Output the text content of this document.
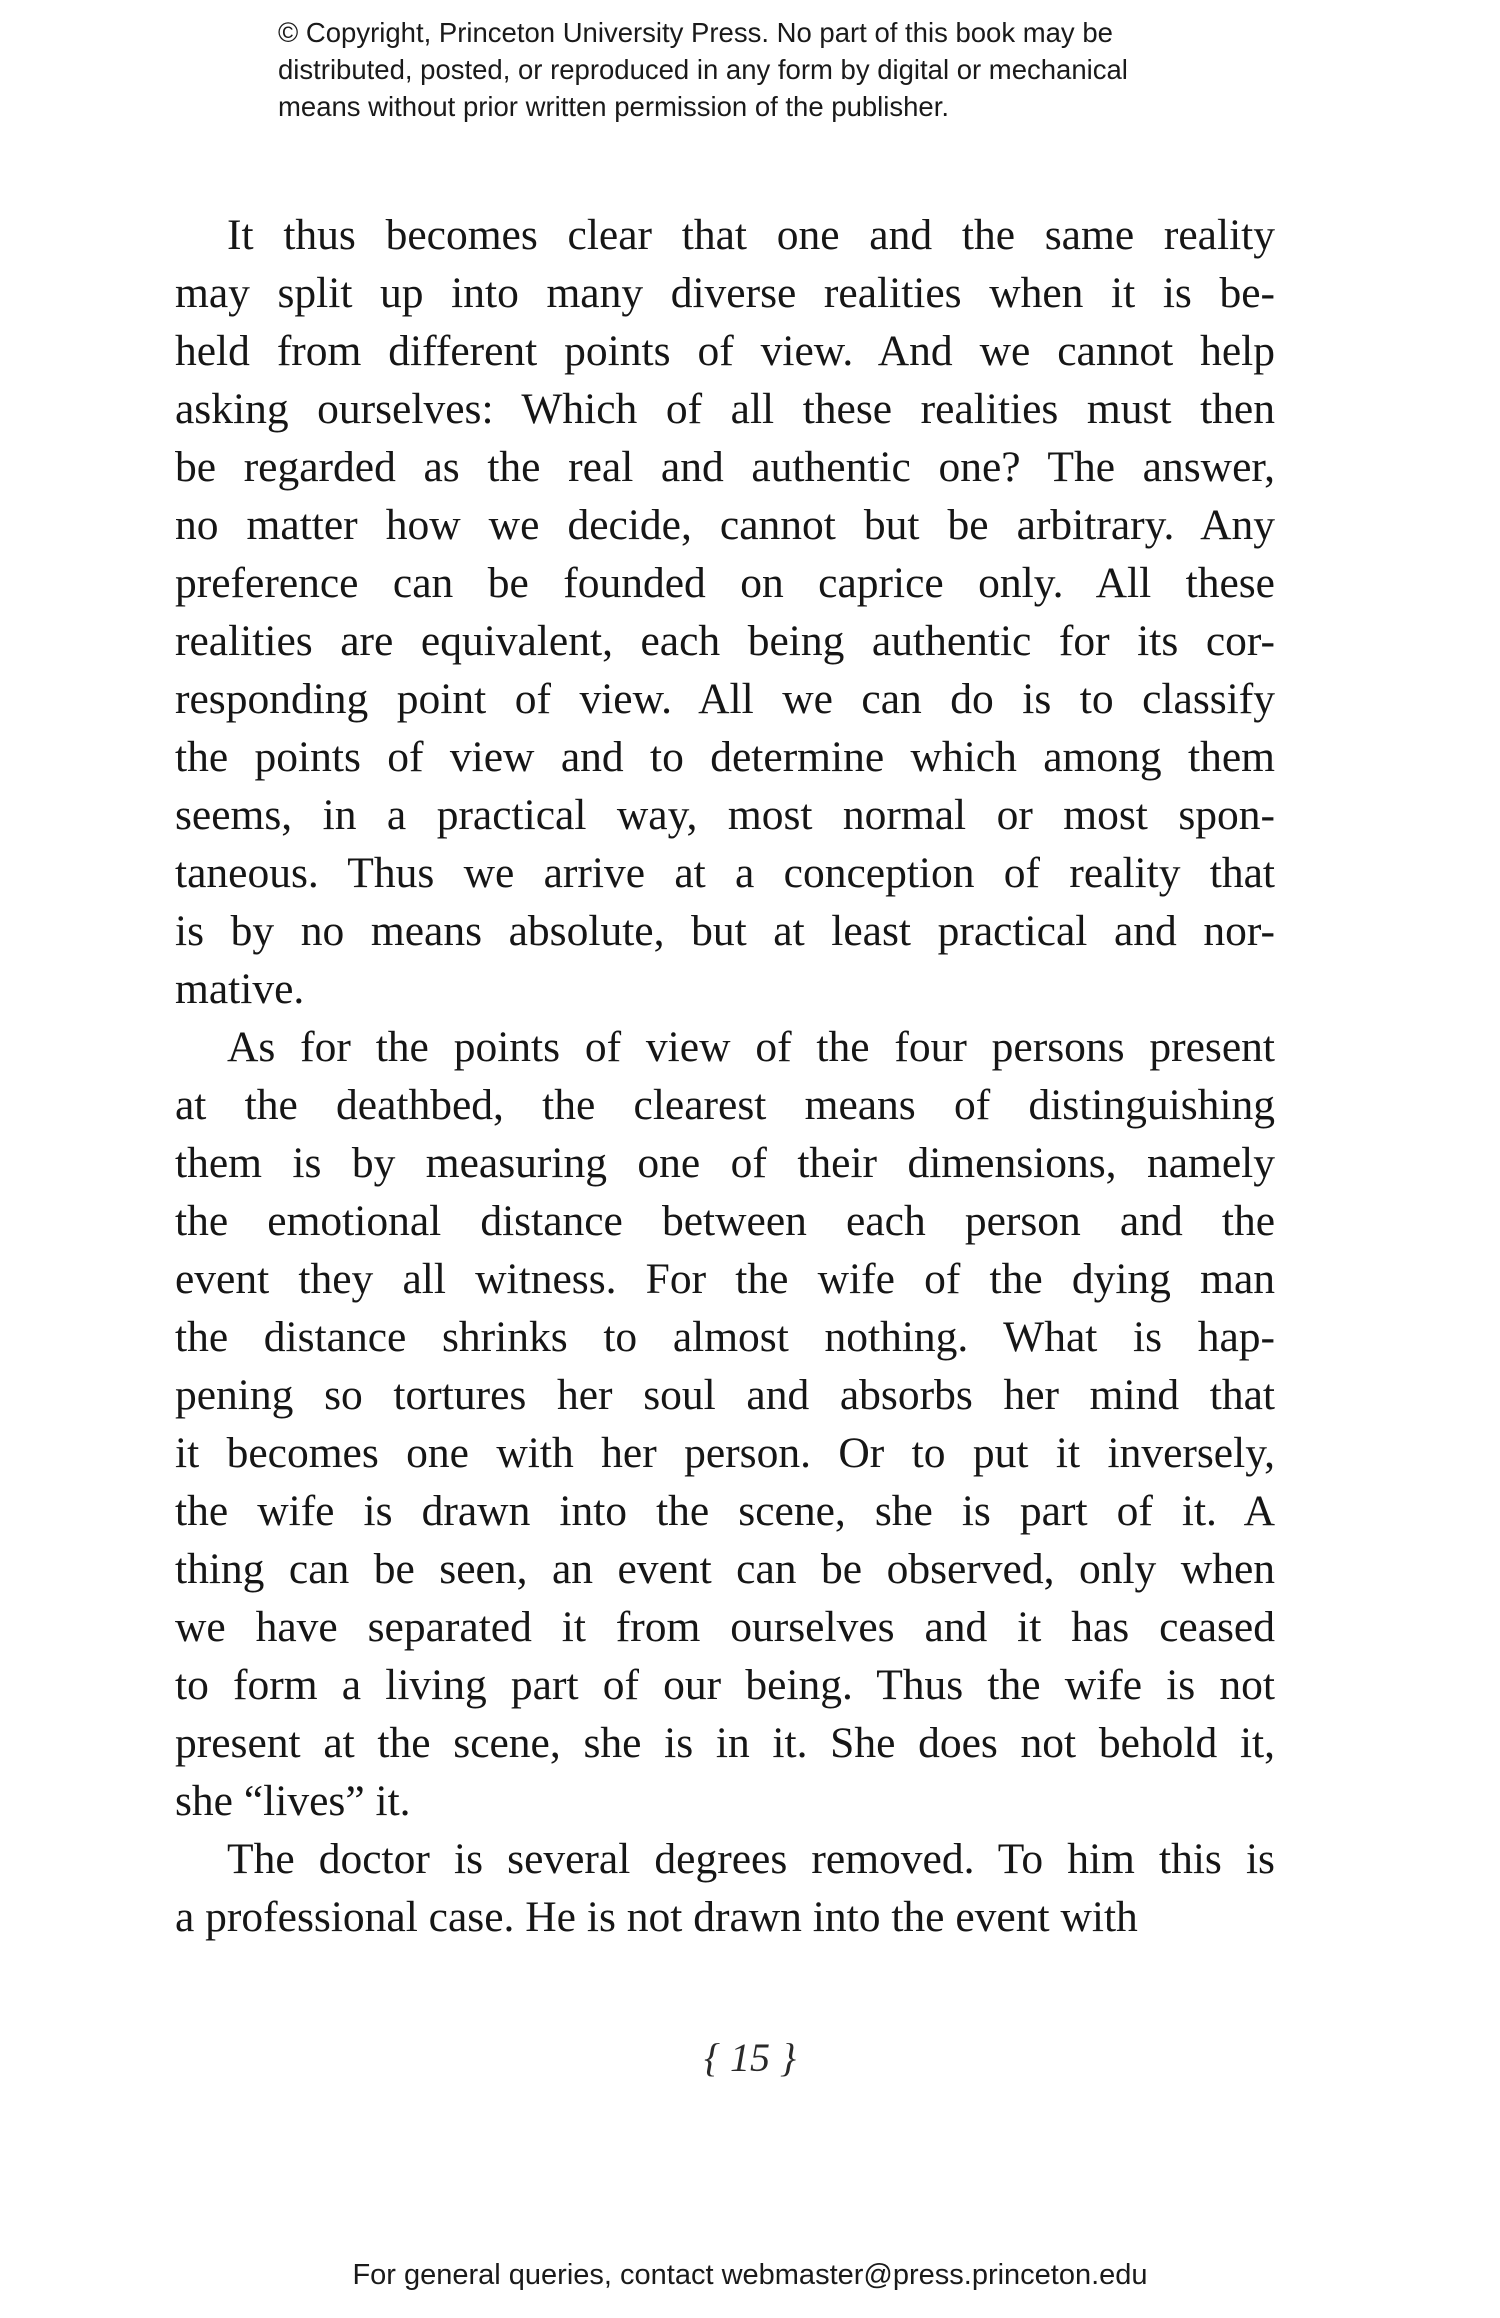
© Copyright, Princeton University Press. No part of this book may be
distributed, posted, or reproduced in any form by digital or mechanical
means without prior written permission of the publisher.
It thus becomes clear that one and the same reality
may split up into many diverse realities when it is be-
held from different points of view. And we cannot help
asking ourselves: Which of all these realities must then
be regarded as the real and authentic one? The answer,
no matter how we decide, cannot but be arbitrary. Any
preference can be founded on caprice only. All these
realities are equivalent, each being authentic for its cor-
responding point of view. All we can do is to classify
the points of view and to determine which among them
seems, in a practical way, most normal or most spon-
taneous. Thus we arrive at a conception of reality that
is by no means absolute, but at least practical and nor-
mative.
As for the points of view of the four persons present
at the deathbed, the clearest means of distinguishing
them is by measuring one of their dimensions, namely
the emotional distance between each person and the
event they all witness. For the wife of the dying man
the distance shrinks to almost nothing. What is hap-
pening so tortures her soul and absorbs her mind that
it becomes one with her person. Or to put it inversely,
the wife is drawn into the scene, she is part of it. A
thing can be seen, an event can be observed, only when
we have separated it from ourselves and it has ceased
to form a living part of our being. Thus the wife is not
present at the scene, she is in it. She does not behold it,
she “lives” it.
The doctor is several degrees removed. To him this is
a professional case. He is not drawn into the event with
{ 15 }
For general queries, contact webmaster@press.princeton.edu
